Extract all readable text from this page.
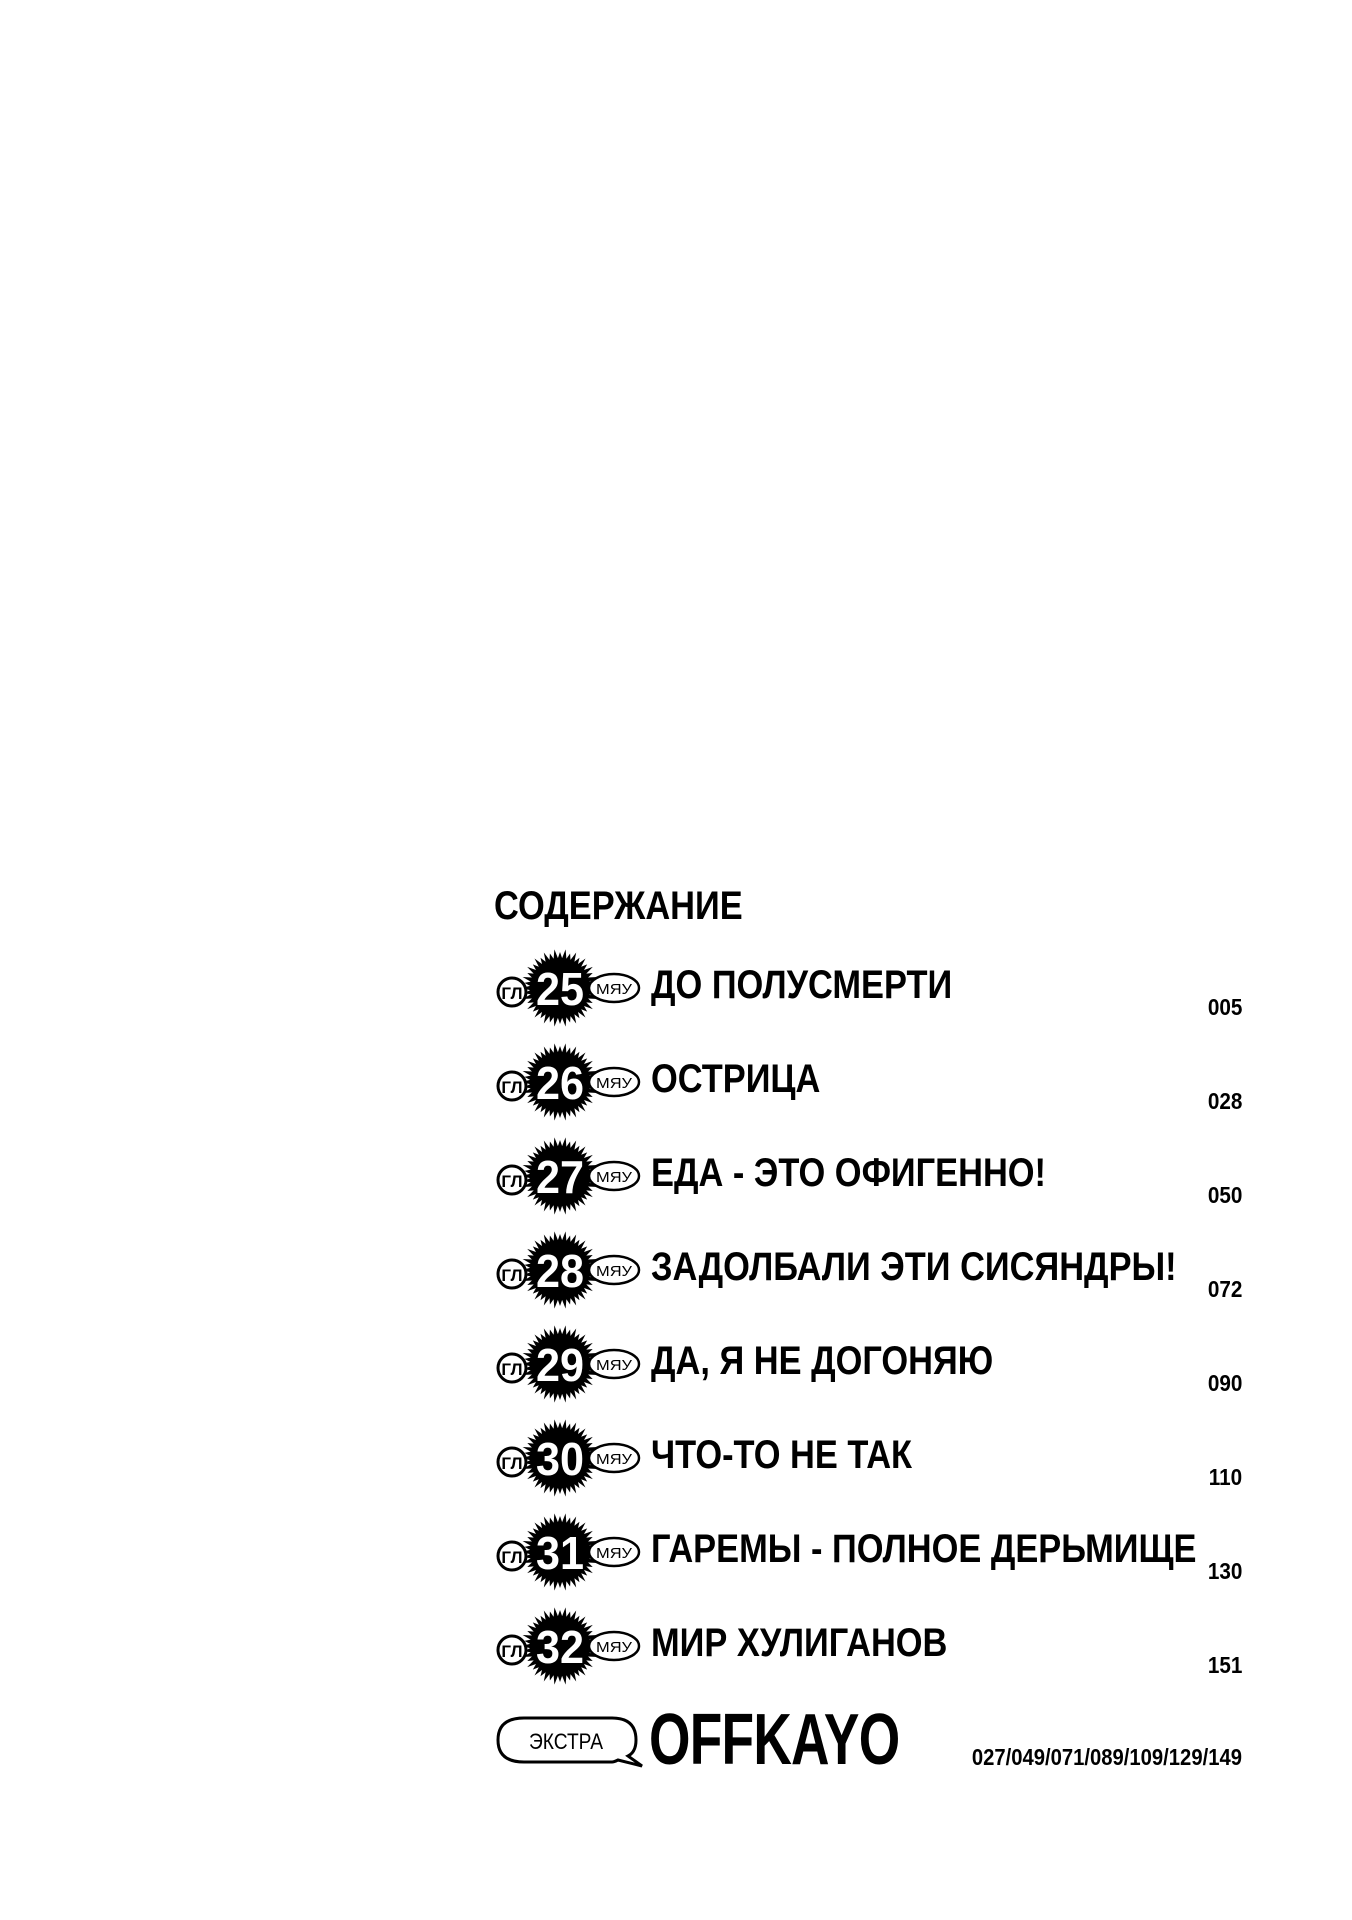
СОДЕРЖАНИЕ
ГЛ	МЯУ
25 ДО ПОЛУСМЕРТИ	005
ГЛ	МЯУ
26 ОСТРИЦА	028
ГЛ	МЯУ
27 ЕДА - ЭТО ОФИГЕННО!	050
ГЛ	МЯУ
28 ЗАДОЛБАЛИ ЭТИ СИСЯНДРЫ! 072
ГЛ	МЯУ
29 ДА, Я НЕ ДОГОНЯЮ	090
ГЛ	МЯУ
30 ЧТО-ТО НЕ ТАК	110
ГЛ	МЯУ
31 ГАРЕМЫ - ПОЛНОЕ ДЕРЬМИЩЕ 130
ГЛ	МЯУ
32 МИР ХУЛИГАНОВ	151
ЭКСТРА OFFKAYO	027/049/071/089/109/129/149
